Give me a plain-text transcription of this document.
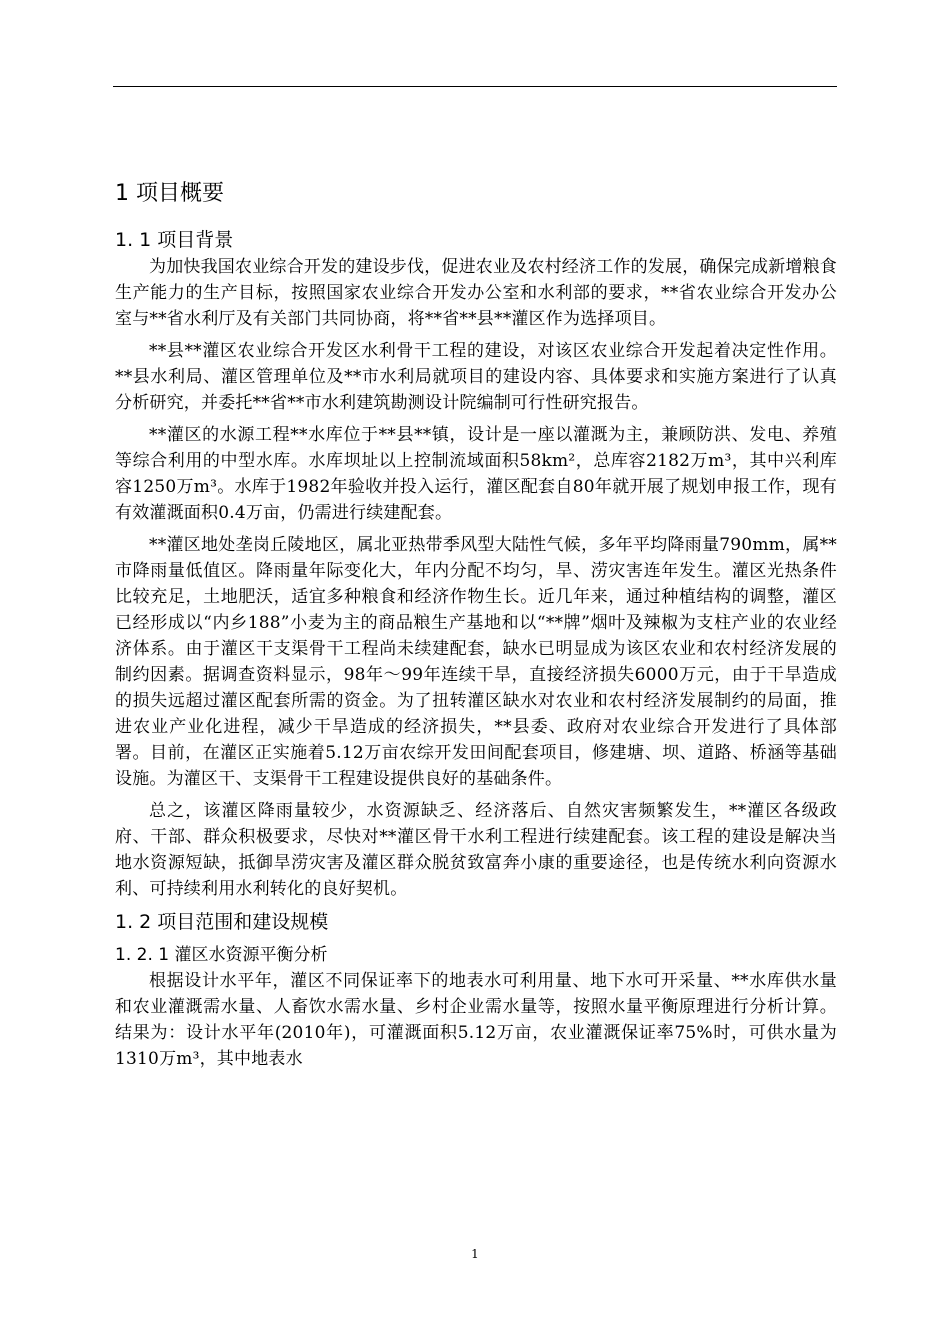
1 项目概要
1. 1 项目背景

为加快我国农业综合开发的建设步伐，促进农业及农村经济工作的发展，确保完成新增粮食生产能力的生产目标，按照国家农业综合开发办公室和水利部的要求，**省农业综合开发办公室与**省水利厅及有关部门共同协商，将**省**县**灌区作为选择项目。

**县**灌区农业综合开发区水利骨干工程的建设，对该区农业综合开发起着决定性作用。**县水利局、灌区管理单位及**市水利局就项目的建设内容、具体要求和实施方案进行了认真分析研究，并委托**省**市水利建筑勘测设计院编制可行性研究报告。

**灌区的水源工程**水库位于**县**镇，设计是一座以灌溉为主，兼顾防洪、发电、养殖等综合利用的中型水库。水库坝址以上控制流域面积58km²，总库容2182万m³，其中兴利库容1250万m³。水库于1982年验收并投入运行，灌区配套自80年就开展了规划申报工作，现有有效灌溉面积0.4万亩，仍需进行续建配套。

**灌区地处垄岗丘陵地区，属北亚热带季风型大陆性气候，多年平均降雨量790mm，属**市降雨量低值区。降雨量年际变化大，年内分配不均匀，旱、涝灾害连年发生。灌区光热条件比较充足，土地肥沃，适宜多种粮食和经济作物生长。近几年来，通过种植结构的调整，灌区已经形成以“内乡188”小麦为主的商品粮生产基地和以“**牌”烟叶及辣椒为支柱产业的农业经济体系。由于灌区干支渠骨干工程尚未续建配套，缺水已明显成为该区农业和农村经济发展的制约因素。据调查资料显示，98年～99年连续干旱，直接经济损失6000万元，由于干旱造成的损失远超过灌区配套所需的资金。为了扭转灌区缺水对农业和农村经济发展制约的局面，推进农业产业化进程，减少干旱造成的经济损失，**县委、政府对农业综合开发进行了具体部署。目前，在灌区正实施着5.12万亩农综开发田间配套项目，修建塘、坝、道路、桥涵等基础设施。为灌区干、支渠骨干工程建设提供良好的基础条件。

总之，该灌区降雨量较少，水资源缺乏、经济落后、自然灾害频繁发生，**灌区各级政府、干部、群众积极要求，尽快对**灌区骨干水利工程进行续建配套。该工程的建设是解决当地水资源短缺，抵御旱涝灾害及灌区群众脱贫致富奔小康的重要途径，也是传统水利向资源水利、可持续利用水利转化的良好契机。

1. 2 项目范围和建设规模
1. 2. 1 灌区水资源平衡分析

根据设计水平年，灌区不同保证率下的地表水可利用量、地下水可开采量、**水库供水量和农业灌溉需水量、人畜饮水需水量、乡村企业需水量等，按照水量平衡原理进行分析计算。结果为：设计水平年(2010年)，可灌溉面积5.12万亩，农业灌溉保证率75%时，可供水量为1310万m³，其中地表水

1
